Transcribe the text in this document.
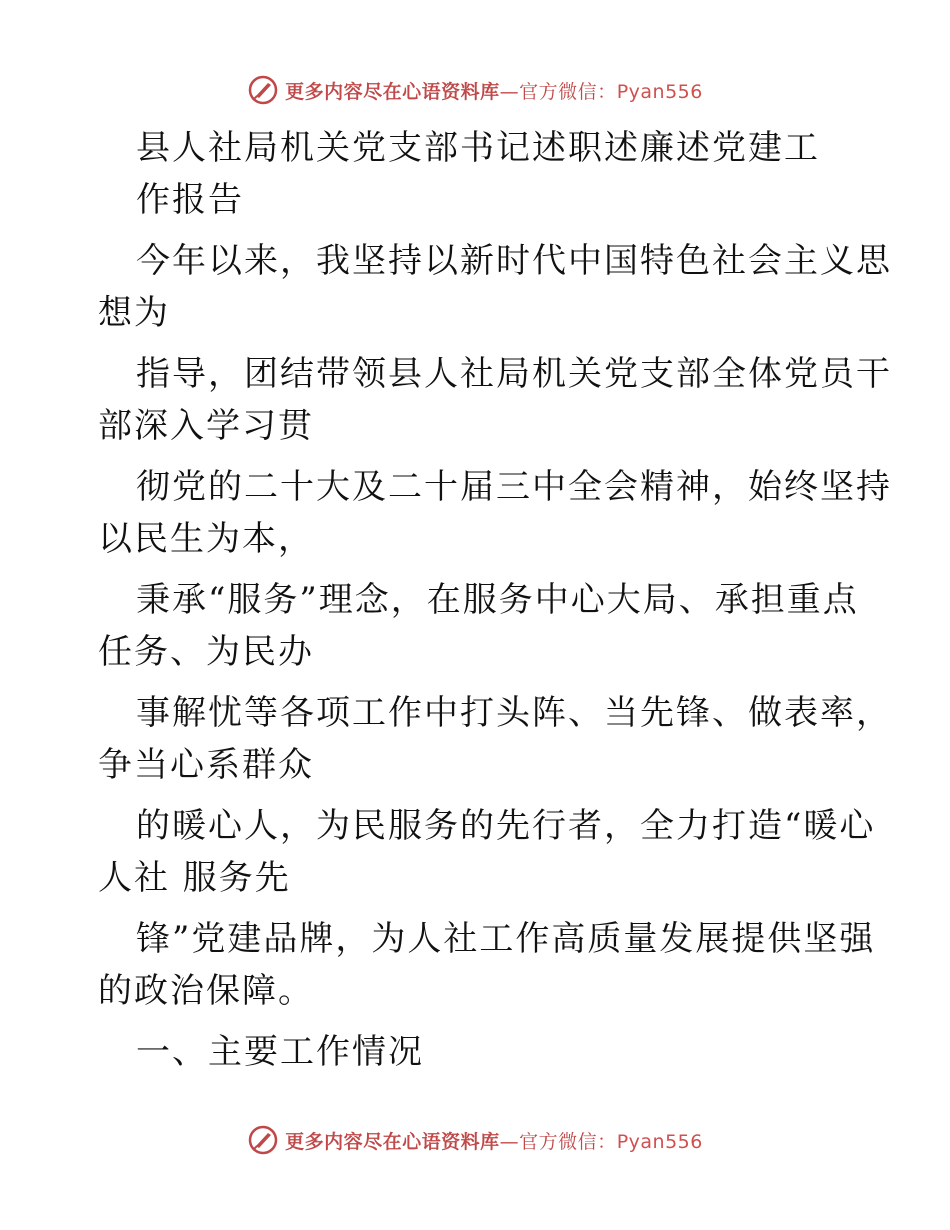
更多内容尽在心语资料库—官方微信：Pyan556
县人社局机关党支部书记述职述廉述党建工
作报告
今年以来，我坚持以新时代中国特色社会主义思
想为
指导，团结带领县人社局机关党支部全体党员干
部深入学习贯
彻党的二十大及二十届三中全会精神，始终坚持
以民生为本，
秉承“服务”理念，在服务中心大局、承担重点
任务、为民办
事解忧等各项工作中打头阵、当先锋、做表率，
争当心系群众
的暖心人，为民服务的先行者，全力打造“暖心
人社 服务先
锋”党建品牌，为人社工作高质量发展提供坚强
的政治保障。
一、主要工作情况
更多内容尽在心语资料库—官方微信：Pyan556
